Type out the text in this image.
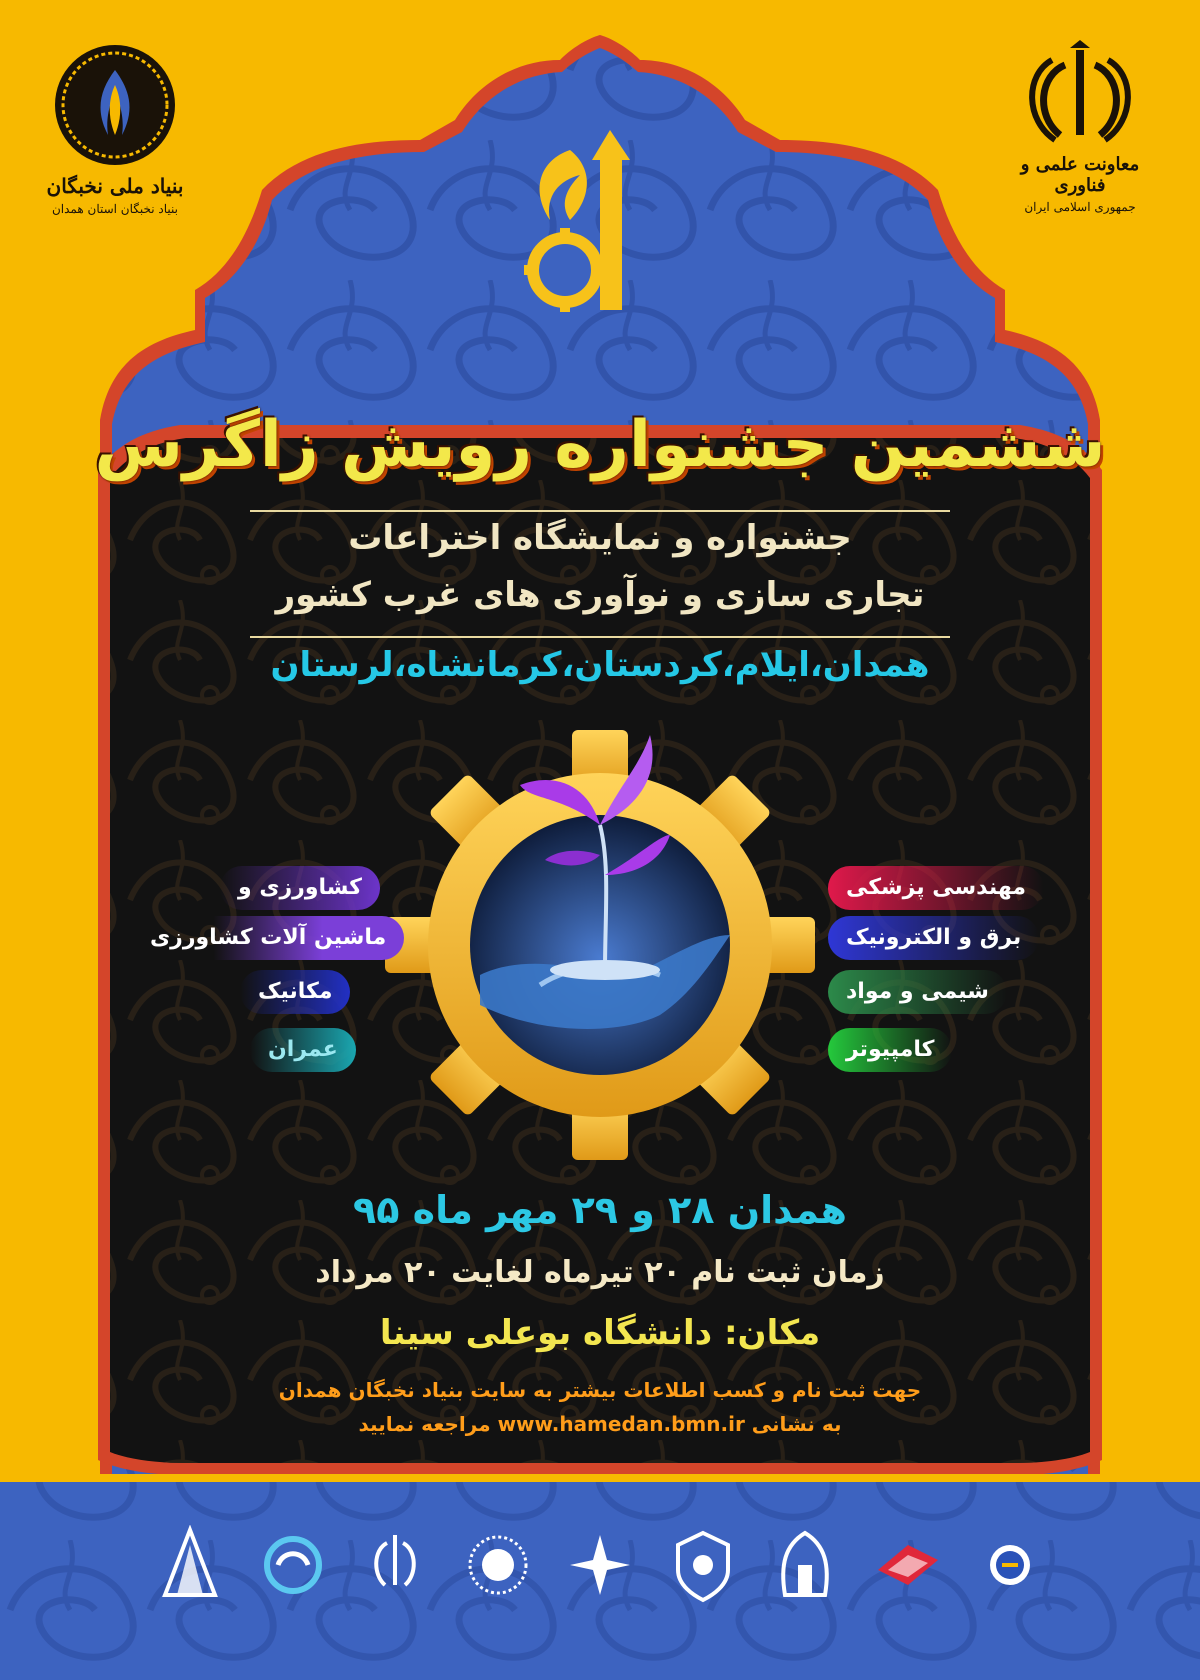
بنیاد ملی نخبگان
بنیاد نخبگان استان همدان
معاونت علمی و فناوری
جمهوری اسلامی ایران
ششمین جشنواره رویش زاگرس
جشنواره و نمایشگاه اختراعات
تجاری سازی و نوآوری های غرب کشور
همدان،ایلام،کردستان،کرمانشاه،لرستان
مهندسی پزشکی
برق و الکترونیک
شیمی و مواد
کامپیوتر
کشاورزی و
ماشین آلات کشاورزی
مکانیک
عمران
همدان ۲۸ و ۲۹ مهر ماه ۹۵
زمان ثبت نام ۲۰ تیرماه لغایت ۲۰ مرداد
مکان: دانشگاه بوعلی سینا
جهت ثبت نام و کسب اطلاعات بیشتر به سایت بنیاد نخبگان همدان
به نشانی www.hamedan.bmn.ir مراجعه نمایید
